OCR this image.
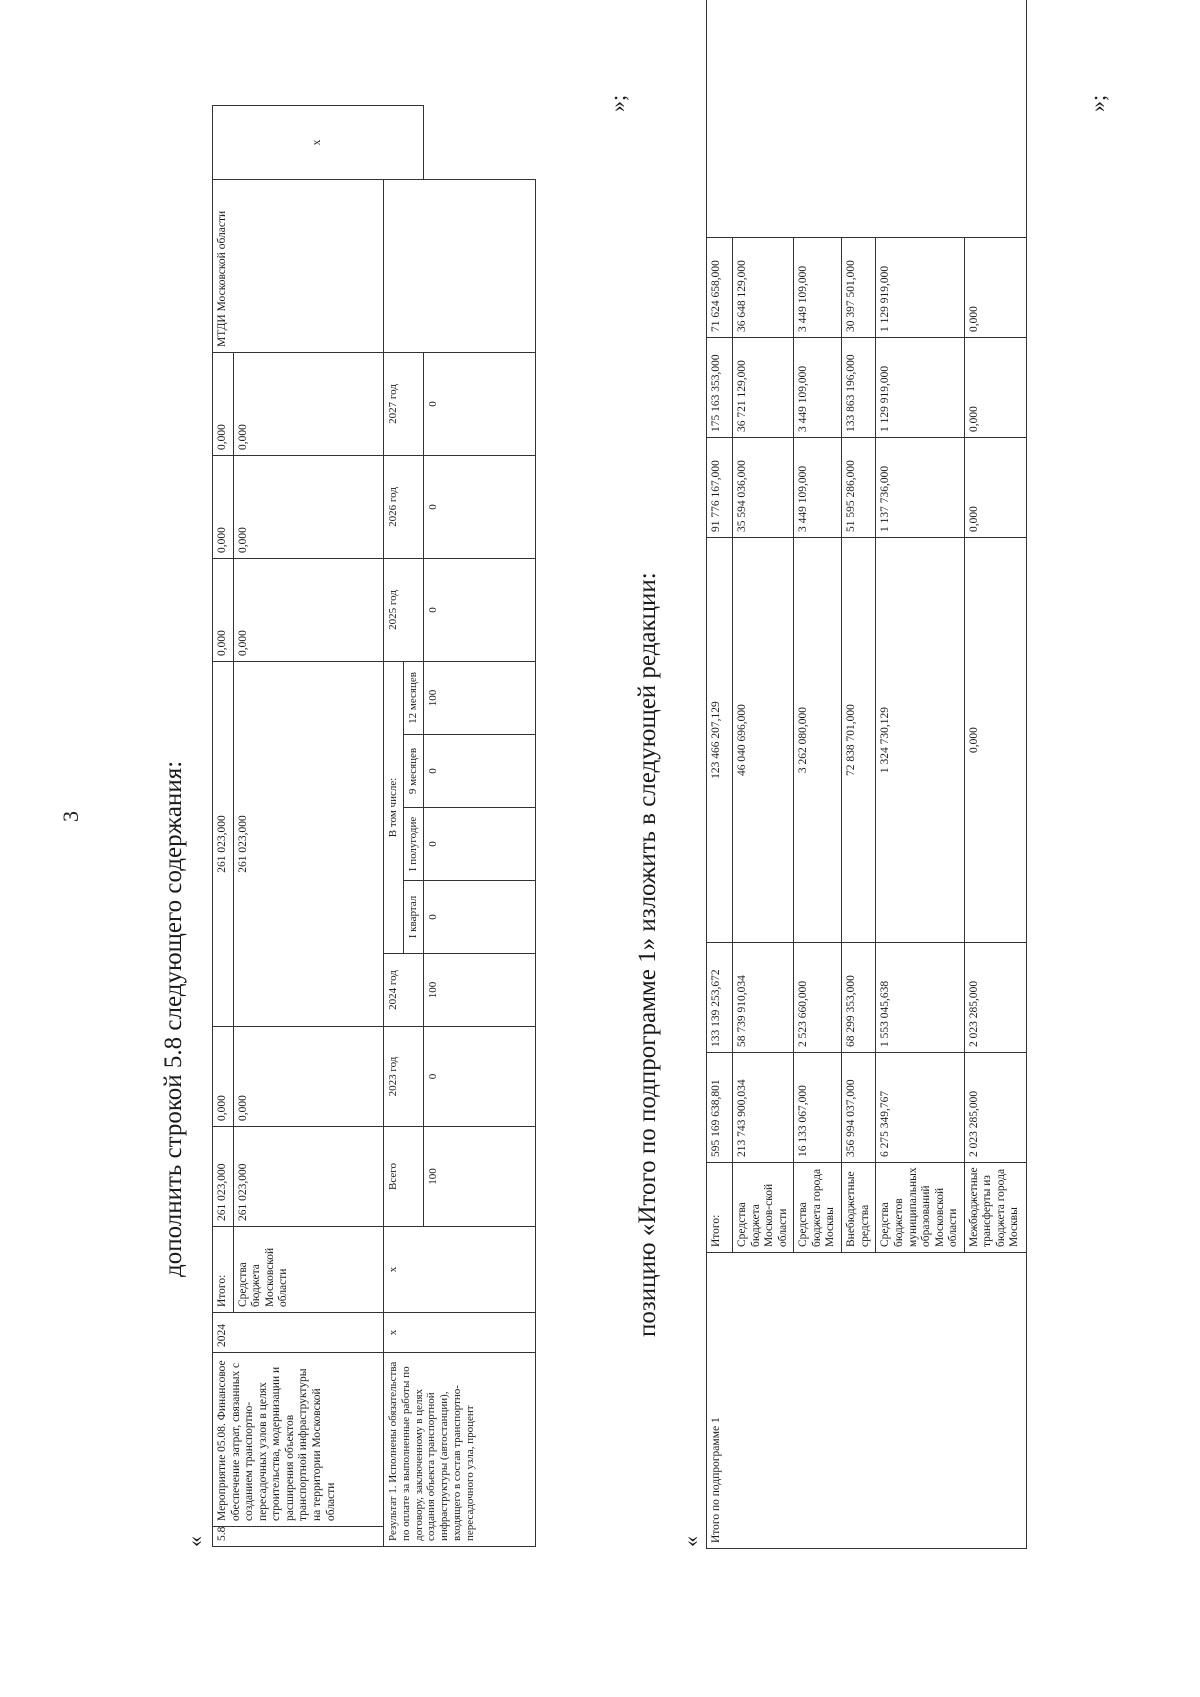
3	дополнить строкой 5.8 следующего содержания:
«
5.8	Мероприятие 05.08. Финансовое обеспечение затрат, связанных с созданием транспортно-пересадочных узлов в целях строительства, модернизации и расширения объектов транспортной инфраструктуры на территории Московской области	2024	Итого:	261 023,000	0,000	261 023,000					0,000	0,000	0,000	МТДИ Московской области	х
			Средства бюджета Московской области	261 023,000	0,000	261 023,000					0,000	0,000	0,000		
Результат 1. Исполнены обязательства по оплате за выполненные работы по договору, заключенному в целях создания объекта транспортной инфраструктуры (автостанции), входящего в состав транспортно-пересадочного узла, процент		х	х	Всего	2023 год	2024 год	В том числе:				2025 год	2026 год	2027 год		
							I квартал	I полугодие	9 месяцев	12 месяцев					
				100	0	100	0	0	0	100	0	0	0		
»;
позицию «Итого по подпрограмме 1» изложить в следующей редакции:
« Итого по подпрограмме 1	Итого:	595 169 638,801	133 139 253,672	123 466 207,129	91 776 167,000	175 163 353,000	71 624 658,000	
	Средства бюджета Москов-ской области	213 743 900,034	58 739 910,034	46 040 696,000	35 594 036,000	36 721 129,000	36 648 129,000	
	Средства бюджета города Москвы	16 133 067,000	2 523 660,000	3 262 080,000	3 449 109,000	3 449 109,000	3 449 109,000	
	Внебюджетные средства	356 994 037,000	68 299 353,000	72 838 701,000	51 595 286,000	133 863 196,000	30 397 501,000	
	Средства бюджетов муниципальных образований Московской области	6 275 349,767	1 553 045,638	1 324 730,129	1 137 736,000	1 129 919,000	1 129 919,000	
	Межбюджетные трансферты из бюджета города Москвы	2 023 285,000	2 023 285,000	0,000	0,000	0,000	0,000	
»;
